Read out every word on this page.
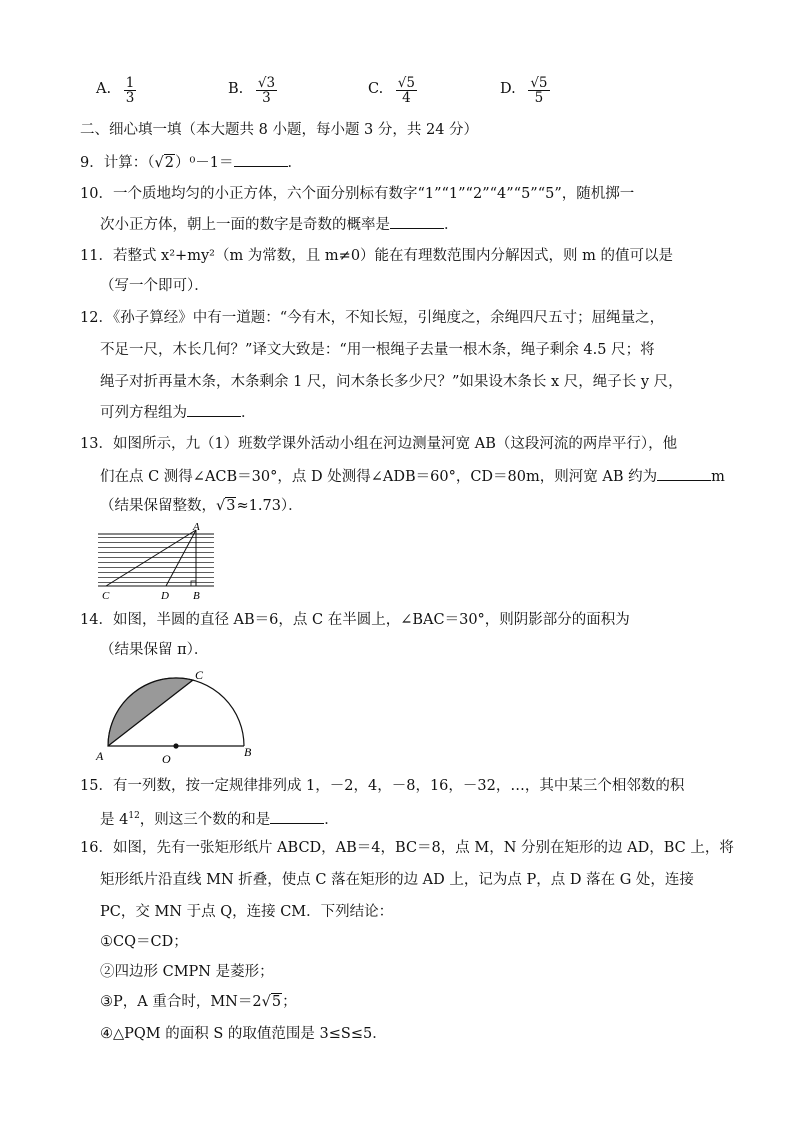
A. $\frac{1}{3}$	B. $\frac{√3}{3}$	C. $\frac{√5}{4}$	D. $\frac{√5}{5}$
二、细心填一填（本大题共 8 小题，每小题 3 分，共 24 分）
9．计算：（√2）⁰－1＝	．
10．一个质地均匀的小正方体，六个面分别标有数字“1”“1”“2”“4”“5”“5”，随机掷一
次小正方体，朝上一面的数字是奇数的概率是	．
11．若整式 x²+my²（m 为常数，且 m≠0）能在有理数范围内分解因式，则 m 的值可以是
（写一个即可）．
12．《孙子算经》中有一道题：“今有木，不知长短，引绳度之，余绳四尺五寸；屈绳量之，
不足一尺，木长几何？”译文大致是：“用一根绳子去量一根木条，绳子剩余 4.5 尺；将
绳子对折再量木条，木条剩余 1 尺，问木条长多少尺？”如果设木条长 x 尺，绳子长 y 尺，
可列方程组为	．
13．如图所示，九（1）班数学课外活动小组在河边测量河宽 AB（这段河流的两岸平行），他
们在点 C 测得∠ACB＝30°，点 D 处测得∠ADB＝60°，CD＝80m，则河宽 AB 约为	m
（结果保留整数，√3≈1.73）．
A
B
C	D
14．如图，半圆的直径 AB＝6，点 C 在半圆上，∠BAC＝30°，则阴影部分的面积为
（结果保留 π）．
A	B
C
O
15．有一列数，按一定规律排列成 1，－2，4，－8，16，－32，…，其中某三个相邻数的积
是 $4^{12}$，则这三个数的和是	．
16．如图，先有一张矩形纸片 ABCD，AB＝4，BC＝8，点 M，N 分别在矩形的边 AD，BC 上，将
矩形纸片沿直线 MN 折叠，使点 C 落在矩形的边 AD 上，记为点 P，点 D 落在 G 处，连接
PC，交 MN 于点 Q，连接 CM．下列结论：
①CQ＝CD；
②四边形 CMPN 是菱形；
③P，A 重合时，MN＝2√5；
④△PQM 的面积 S 的取值范围是 3≤S≤5．
